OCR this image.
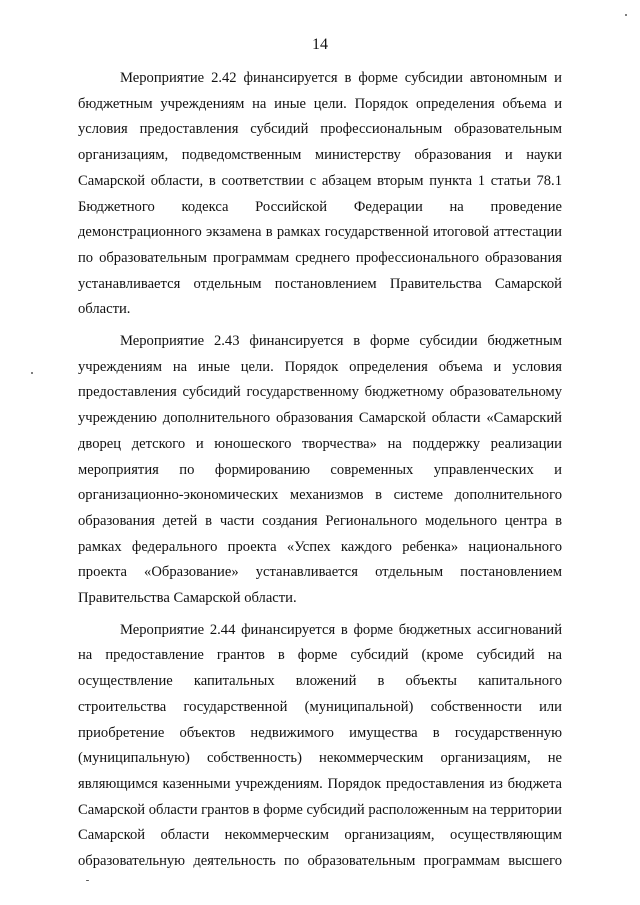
14

Мероприятие 2.42 финансируется в форме субсидии автономным и
бюджетным учреждениям на иные цели. Порядок определения объема и
условия предоставления субсидий профессиональным образовательным
организациям, подведомственным министерству образования и науки
Самарской области, в соответствии с абзацем вторым пункта 1 статьи 78.1
Бюджетного кодекса Российской Федерации на проведение
демонстрационного экзамена в рамках государственной итоговой аттестации
по образовательным программам среднего профессионального образования
устанавливается отдельным постановлением Правительства Самарской
области.

Мероприятие 2.43 финансируется в форме субсидии бюджетным
учреждениям на иные цели. Порядок определения объема и условия
предоставления субсидий государственному бюджетному образовательному
учреждению дополнительного образования Самарской области «Самарский
дворец детского и юношеского творчества» на поддержку реализации
мероприятия по формированию современных управленческих и
организационно-экономических механизмов в системе дополнительного
образования детей в части создания Регионального модельного центра в
рамках федерального проекта «Успех каждого ребенка» национального
проекта «Образование» устанавливается отдельным постановлением
Правительства Самарской области.

Мероприятие 2.44 финансируется в форме бюджетных ассигнований
на предоставление грантов в форме субсидий (кроме субсидий на
осуществление капитальных вложений в объекты капитального
строительства государственной (муниципальной) собственности или
приобретение объектов недвижимого имущества в государственную
(муниципальную) собственность) некоммерческим организациям, не
являющимся казенными учреждениям. Порядок предоставления из бюджета
Самарской области грантов в форме субсидий расположенным на территории
Самарской области некоммерческим организациям, осуществляющим
образовательную деятельность по образовательным программам высшего
